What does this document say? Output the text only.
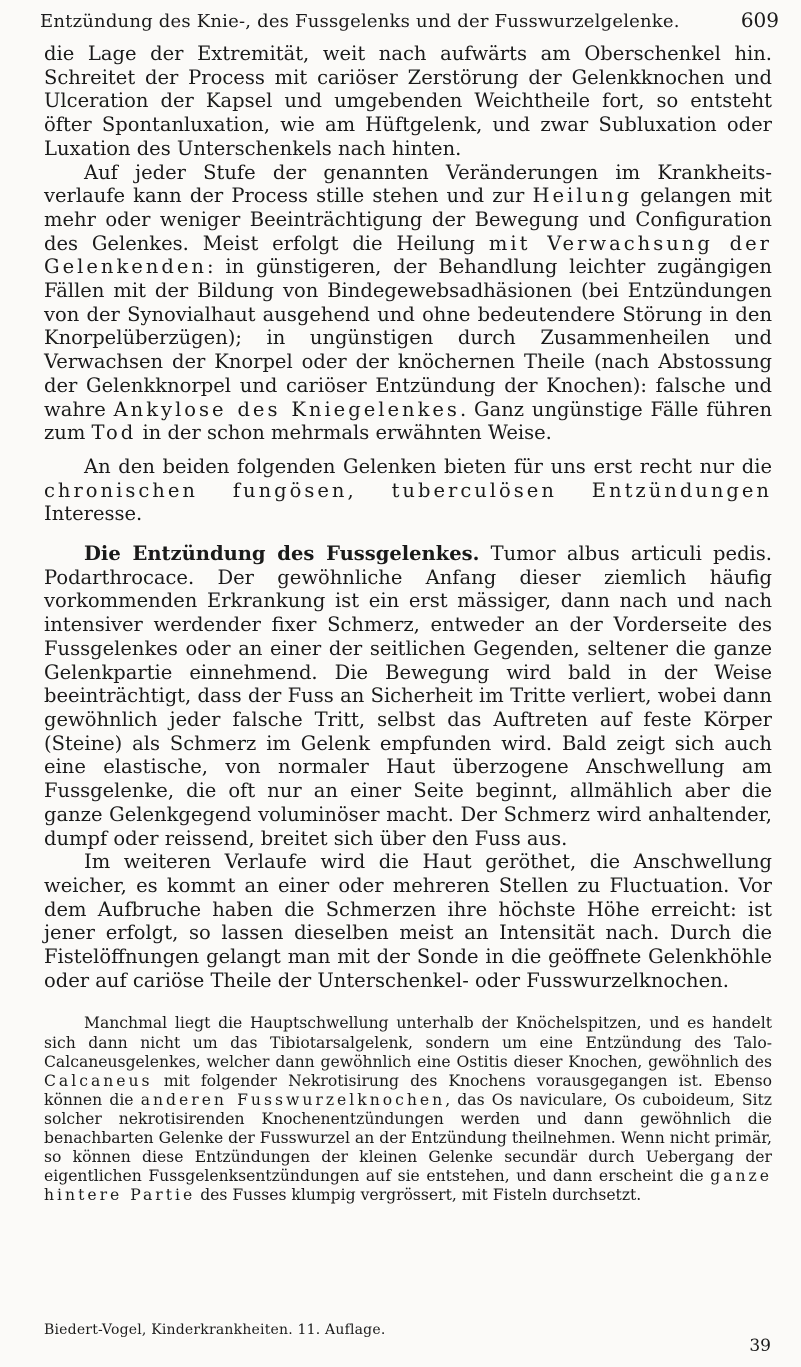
Entzündung des Knie-, des Fussgelenks und der Fusswurzelgelenke.	609

die Lage der Extremität, weit nach aufwärts am Oberschenkel hin. Schreitet der Process mit cariöser Zerstörung der Gelenkknochen und Ulceration der Kapsel und umgebenden Weichtheile fort, so entsteht öfter Spontanluxation, wie am Hüftgelenk, und zwar Subluxation oder Luxation des Unterschenkels nach hinten.

Auf jeder Stufe der genannten Veränderungen im Krankheits-verlaufe kann der Process stille stehen und zur Heilung gelangen mit mehr oder weniger Beeinträchtigung der Bewegung und Configuration des Gelenkes. Meist erfolgt die Heilung mit Verwachsung der Gelenkenden: in günstigeren, der Behandlung leichter zugängigen Fällen mit der Bildung von Bindegewebsadhäsionen (bei Entzündungen von der Synovialhaut ausgehend und ohne bedeutendere Störung in den Knorpelüberzügen); in ungünstigen durch Zusammenheilen und Verwachsen der Knorpel oder der knöchernen Theile (nach Abstossung der Gelenkknorpel und cariöser Entzündung der Knochen): falsche und wahre Ankylose des Kniegelenkes. Ganz ungünstige Fälle führen zum Tod in der schon mehrmals erwähnten Weise.

An den beiden folgenden Gelenken bieten für uns erst recht nur die chronischen fungösen, tuberculösen Entzündungen Interesse.

Die Entzündung des Fussgelenkes. Tumor albus articuli pedis. Podarthrocace. Der gewöhnliche Anfang dieser ziemlich häufig vorkommenden Erkrankung ist ein erst mässiger, dann nach und nach intensiver werdender fixer Schmerz, entweder an der Vorderseite des Fussgelenkes oder an einer der seitlichen Gegenden, seltener die ganze Gelenkpartie einnehmend. Die Bewegung wird bald in der Weise beeinträchtigt, dass der Fuss an Sicherheit im Tritte verliert, wobei dann gewöhnlich jeder falsche Tritt, selbst das Auftreten auf feste Körper (Steine) als Schmerz im Gelenk empfunden wird. Bald zeigt sich auch eine elastische, von normaler Haut überzogene Anschwellung am Fussgelenke, die oft nur an einer Seite beginnt, allmählich aber die ganze Gelenkgegend voluminöser macht. Der Schmerz wird anhaltender, dumpf oder reissend, breitet sich über den Fuss aus.

Im weiteren Verlaufe wird die Haut geröthet, die Anschwellung weicher, es kommt an einer oder mehreren Stellen zu Fluctuation. Vor dem Aufbruche haben die Schmerzen ihre höchste Höhe erreicht: ist jener erfolgt, so lassen dieselben meist an Intensität nach. Durch die Fistelöffnungen gelangt man mit der Sonde in die geöffnete Gelenkhöhle oder auf cariöse Theile der Unterschenkel- oder Fusswurzelknochen.

Manchmal liegt die Hauptschwellung unterhalb der Knöchelspitzen, und es handelt sich dann nicht um das Tibiotarsalgelenk, sondern um eine Entzündung des Talo-Calcaneusgelenkes, welcher dann gewöhnlich eine Ostitis dieser Knochen, gewöhnlich des Calcaneus mit folgender Nekrotisirung des Knochens vorausgegangen ist. Ebenso können die anderen Fusswurzelknochen, das Os naviculare, Os cuboideum, Sitz solcher nekrotisirenden Knochenentzündungen werden und dann gewöhnlich die benachbarten Gelenke der Fusswurzel an der Entzündung theilnehmen. Wenn nicht primär, so können diese Entzündungen der kleinen Gelenke secundär durch Uebergang der eigentlichen Fussgelenksentzündungen auf sie entstehen, und dann erscheint die ganze hintere Partie des Fusses klumpig vergrössert, mit Fisteln durchsetzt.

Biedert-Vogel, Kinderkrankheiten. 11. Auflage.
39
